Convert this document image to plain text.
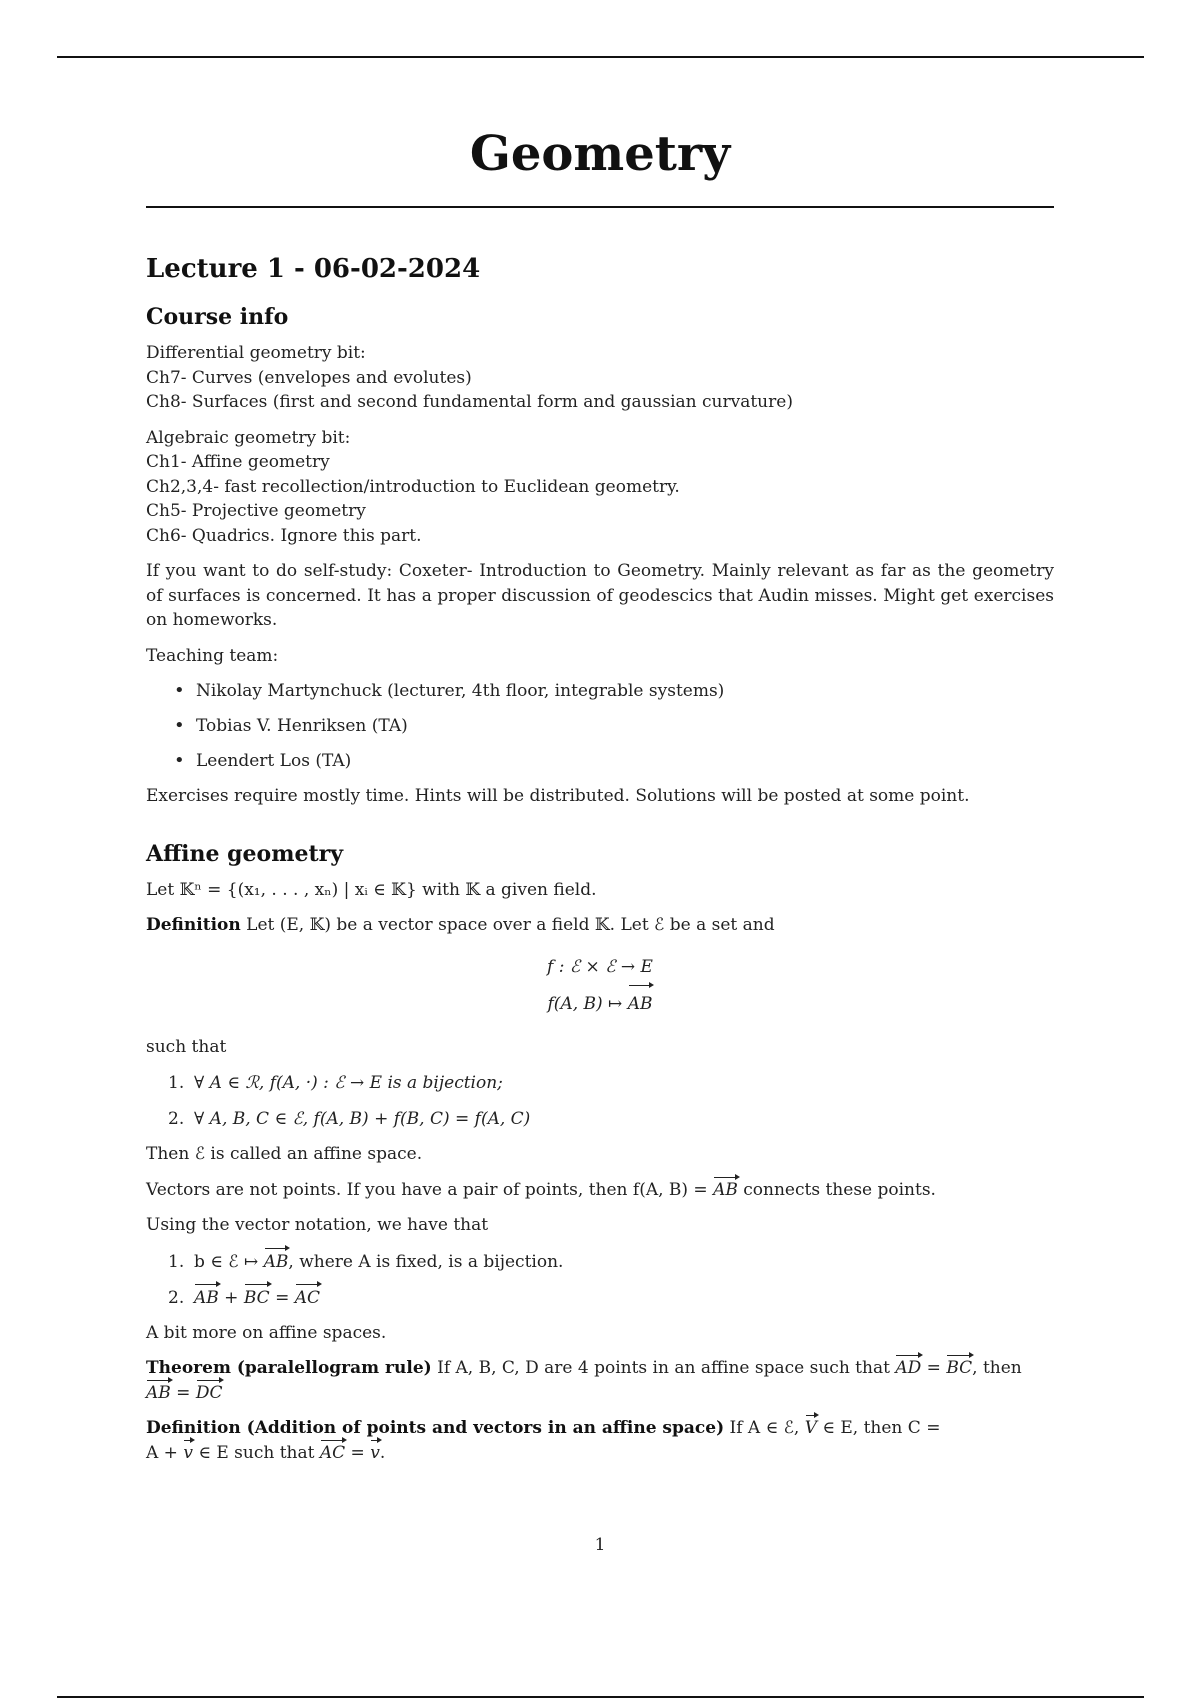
Geometry
Lecture 1 - 06-02-2024
Course info

Differential geometry bit:
Ch7- Curves (envelopes and evolutes)
Ch8- Surfaces (first and second fundamental form and gaussian curvature)

Algebraic geometry bit:
Ch1- Affine geometry
Ch2,3,4- fast recollection/introduction to Euclidean geometry.
Ch5- Projective geometry
Ch6- Quadrics. Ignore this part.

If you want to do self-study: Coxeter- Introduction to Geometry. Mainly relevant as far as the geometry of surfaces is concerned. It has a proper discussion of geodescics that Audin misses. Might get exercises on homeworks.

Teaching team:

• Nikolay Martynchuck (lecturer, 4th floor, integrable systems)
• Tobias V. Henriksen (TA)
• Leendert Los (TA)

Exercises require mostly time. Hints will be distributed. Solutions will be posted at some point.

Affine geometry

Let 𝕂ⁿ = {(x₁, . . . , xₙ) | xᵢ ∈ 𝕂} with 𝕂 a given field.

Definition Let (E, 𝕂) be a vector space over a field 𝕂. Let ℰ be a set and

f : ℰ × ℰ → E
f(A, B) ↦ AB

such that

1. ∀ A ∈ ℛ, f(A, ·) : ℰ → E is a bijection;
2. ∀ A, B, C ∈ ℰ, f(A, B) + f(B, C) = f(A, C)

Then ℰ is called an affine space.

Vectors are not points. If you have a pair of points, then f(A, B) = AB connects these points.

Using the vector notation, we have that

1. b ∈ ℰ ↦ AB, where A is fixed, is a bijection.
2. AB + BC = AC

A bit more on affine spaces.

Theorem (paralellogram rule) If A, B, C, D are 4 points in an affine space such that AD = BC, then
AB = DC

Definition (Addition of points and vectors in an affine space) If A ∈ ℰ, V ∈ E, then C =
A + v ∈ E such that AC = v.

1
